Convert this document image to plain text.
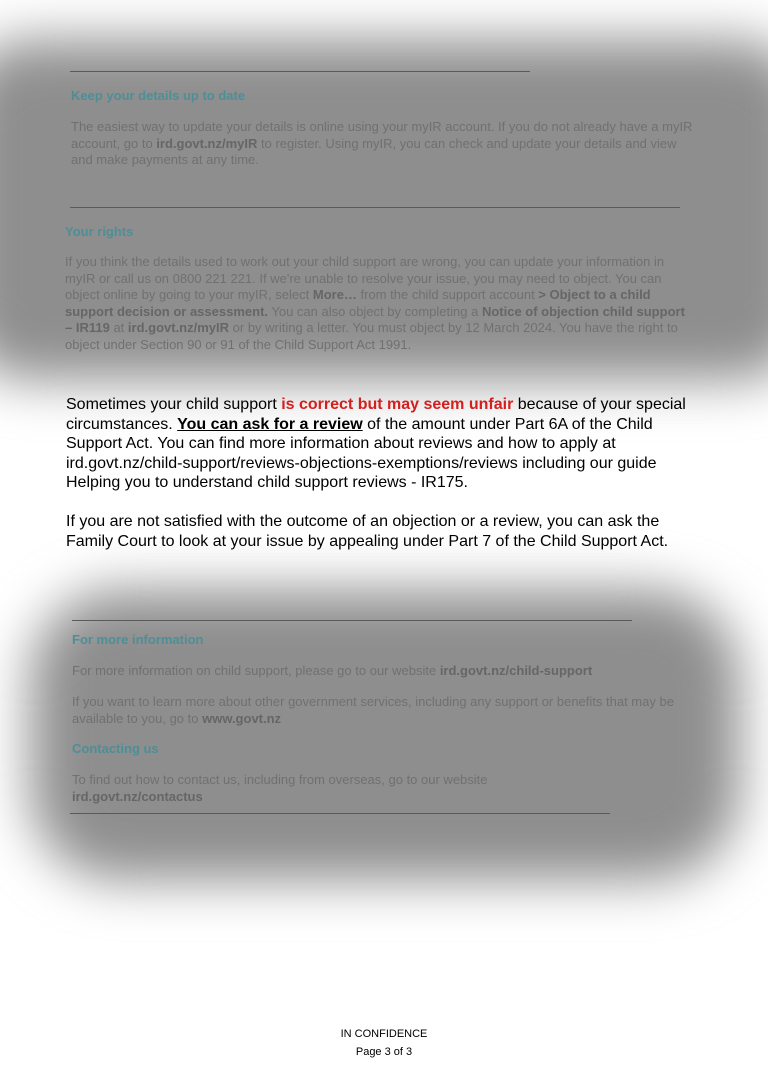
Keep your details up to date
The easiest way to update your details is online using your myIR account. If you do not already have a myIR account, go to ird.govt.nz/myIR to register. Using myIR, you can check and update your details and view and make payments at any time.
Your rights
If you think the details used to work out your child support are wrong, you can update your information in myIR or call us on 0800 221 221. If we're unable to resolve your issue, you may need to object. You can object online by going to your myIR, select More… from the child support account > Object to a child support decision or assessment. You can also object by completing a Notice of objection child support – IR119 at ird.govt.nz/myIR or by writing a letter. You must object by 12 March 2024. You have the right to object under Section 90 or 91 of the Child Support Act 1991.

Sometimes your child support is correct but may seem unfair because of your special circumstances. You can ask for a review of the amount under Part 6A of the Child Support Act. You can find more information about reviews and how to apply at ird.govt.nz/child-support/reviews-objections-exemptions/reviews including our guide Helping you to understand child support reviews - IR175.

If you are not satisfied with the outcome of an objection or a review, you can ask the Family Court to look at your issue by appealing under Part 7 of the Child Support Act.

For more information
For more information on child support, please go to our website ird.govt.nz/child-support
If you want to learn more about other government services, including any support or benefits that may be available to you, go to www.govt.nz
Contacting us
To find out how to contact us, including from overseas, go to our website ird.govt.nz/contactus
IN CONFIDENCE
Page 3 of 3
